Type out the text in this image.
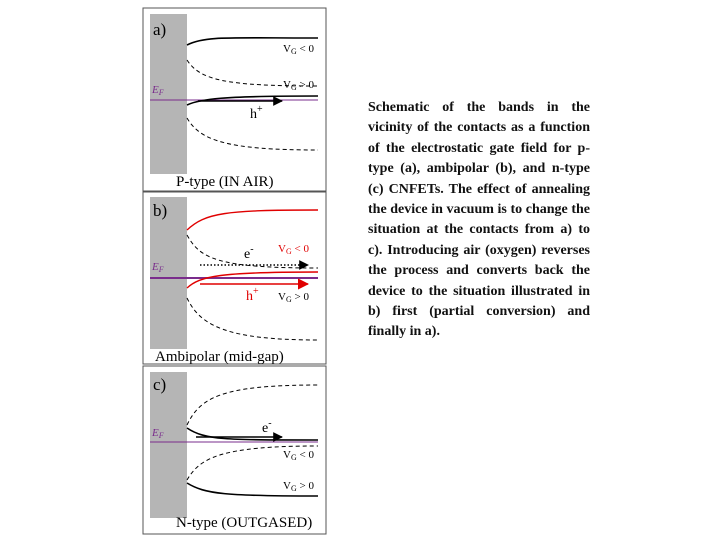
a)
EF
h+
VG < 0
VG > 0
P-type (IN AIR)
b)
EF
e-
h+
VG < 0
VG > 0
Ambipolar (mid-gap)
c)
EF	e-
VG < 0
VG > 0
N-type (OUTGASED)
Schematic of the bands in the vicinity of the contacts as a function of the electrostatic gate field for p-type (a), ambipolar (b), and n-type (c) CNFETs. The effect of annealing the device in vacuum is to change the situation at the contacts from a) to c). Introducing air (oxygen) reverses the process and converts back the device to the situation illustrated in b) first (partial conversion) and finally in a).
